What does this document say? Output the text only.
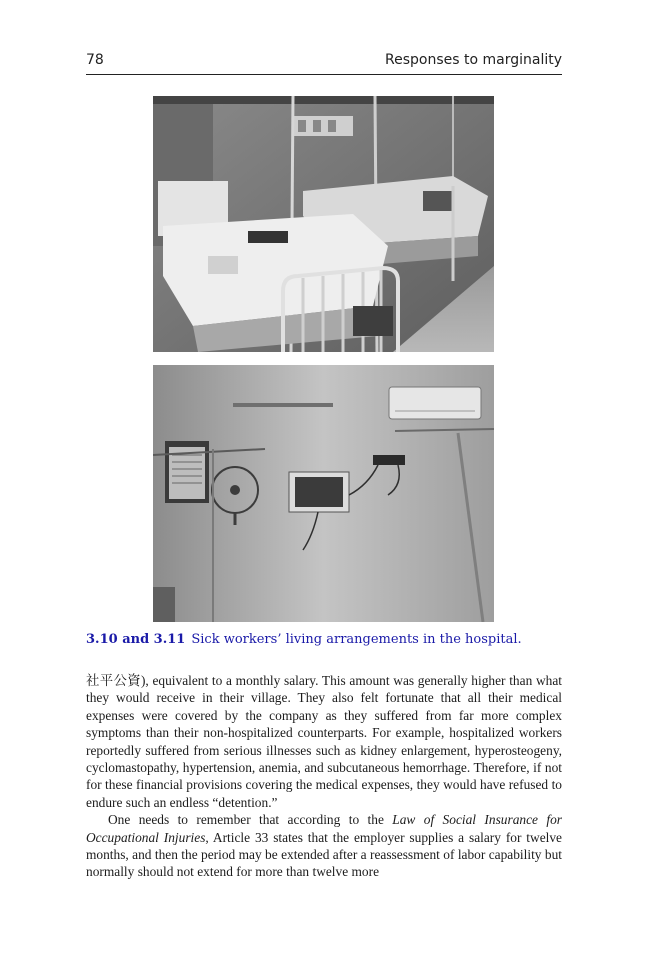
78	Responses to marginality
3.10 and 3.11 Sick workers’ living arrangements in the hospital.

社平公資), equivalent to a monthly salary. This amount was generally higher than what they would receive in their village. They also felt fortunate that all their medical expenses were covered by the company as they suffered from far more complex symptoms than their non-hospitalized counterparts. For example, hospitalized workers reportedly suffered from serious illnesses such as kidney enlargement, hyperosteogeny, cyclomastopathy, hypertension, anemia, and subcutaneous hemorrhage. Therefore, if not for these financial provisions covering the medical expenses, they would have refused to endure such an endless “detention.”

One needs to remember that according to the Law of Social Insurance for Occupational Injuries, Article 33 states that the employer supplies a salary for twelve months, and then the period may be extended after a reassessment of labor capability but normally should not extend for more than twelve more
